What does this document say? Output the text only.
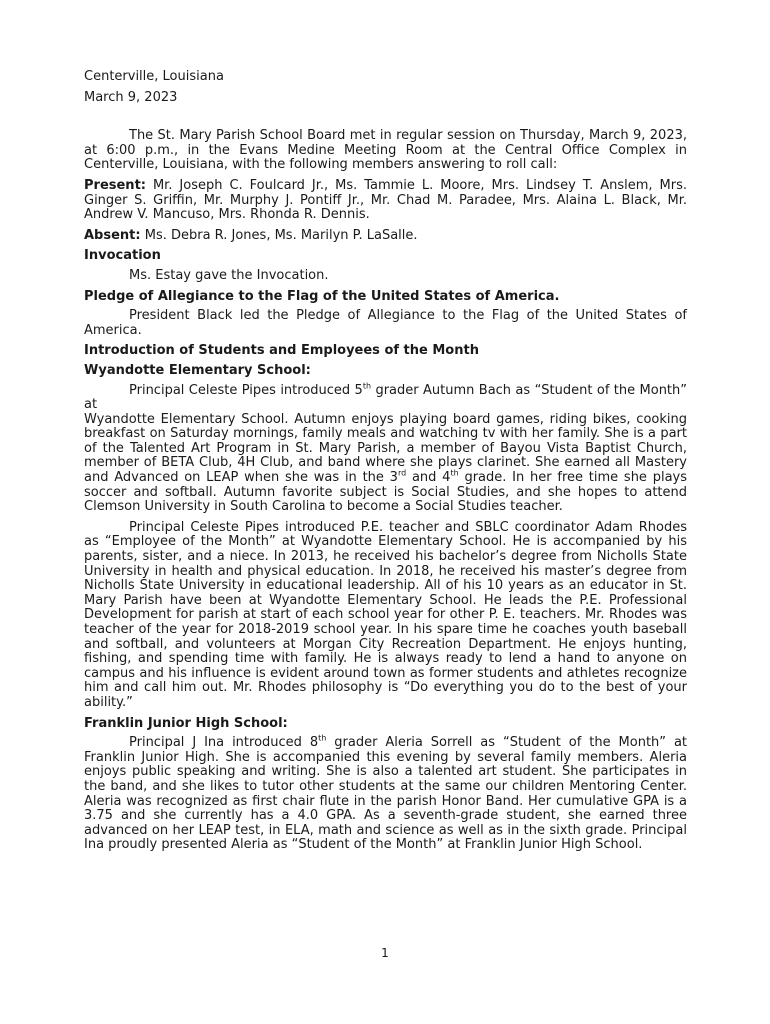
Centerville, Louisiana

March 9, 2023

The St. Mary Parish School Board met in regular session on Thursday, March 9, 2023, at 6:00 p.m., in the Evans Medine Meeting Room at the Central Office Complex in Centerville, Louisiana, with the following members answering to roll call:

Present: Mr. Joseph C. Foulcard Jr., Ms. Tammie L. Moore, Mrs. Lindsey T. Anslem, Mrs. Ginger S. Griffin, Mr. Murphy J. Pontiff Jr., Mr. Chad M. Paradee, Mrs. Alaina L. Black, Mr. Andrew V. Mancuso, Mrs. Rhonda R. Dennis.

Absent: Ms. Debra R. Jones, Ms. Marilyn P. LaSalle.

Invocation

Ms. Estay gave the Invocation.

Pledge of Allegiance to the Flag of the United States of America.

President Black led the Pledge of Allegiance to the Flag of the United States of America.

Introduction of Students and Employees of the Month

Wyandotte Elementary School:

Principal Celeste Pipes introduced 5th grader Autumn Bach as “Student of the Month” at

Wyandotte Elementary School. Autumn enjoys playing board games, riding bikes, cooking breakfast on Saturday mornings, family meals and watching tv with her family. She is a part of the Talented Art Program in St. Mary Parish, a member of Bayou Vista Baptist Church, member of BETA Club, 4H Club, and band where she plays clarinet. She earned all Mastery and Advanced on LEAP when she was in the 3rd and 4th grade. In her free time she plays soccer and softball. Autumn favorite subject is Social Studies, and she hopes to attend Clemson University in South Carolina to become a Social Studies teacher.

Principal Celeste Pipes introduced P.E. teacher and SBLC coordinator Adam Rhodes as “Employee of the Month” at Wyandotte Elementary School. He is accompanied by his parents, sister, and a niece. In 2013, he received his bachelor’s degree from Nicholls State University in health and physical education. In 2018, he received his master’s degree from Nicholls State University in educational leadership. All of his 10 years as an educator in St. Mary Parish have been at Wyandotte Elementary School. He leads the P.E. Professional Development for parish at start of each school year for other P. E. teachers. Mr. Rhodes was teacher of the year for 2018-2019 school year. In his spare time he coaches youth baseball and softball, and volunteers at Morgan City Recreation Department. He enjoys hunting, fishing, and spending time with family. He is always ready to lend a hand to anyone on campus and his influence is evident around town as former students and athletes recognize him and call him out. Mr. Rhodes philosophy is “Do everything you do to the best of your ability.”

Franklin Junior High School:

Principal J Ina introduced 8th grader Aleria Sorrell as “Student of the Month” at Franklin Junior High. She is accompanied this evening by several family members. Aleria enjoys public speaking and writing. She is also a talented art student. She participates in the band, and she likes to tutor other students at the same our children Mentoring Center. Aleria was recognized as first chair flute in the parish Honor Band. Her cumulative GPA is a 3.75 and she currently has a 4.0 GPA. As a seventh-grade student, she earned three advanced on her LEAP test, in ELA, math and science as well as in the sixth grade. Principal Ina proudly presented Aleria as “Student of the Month” at Franklin Junior High School.

1
